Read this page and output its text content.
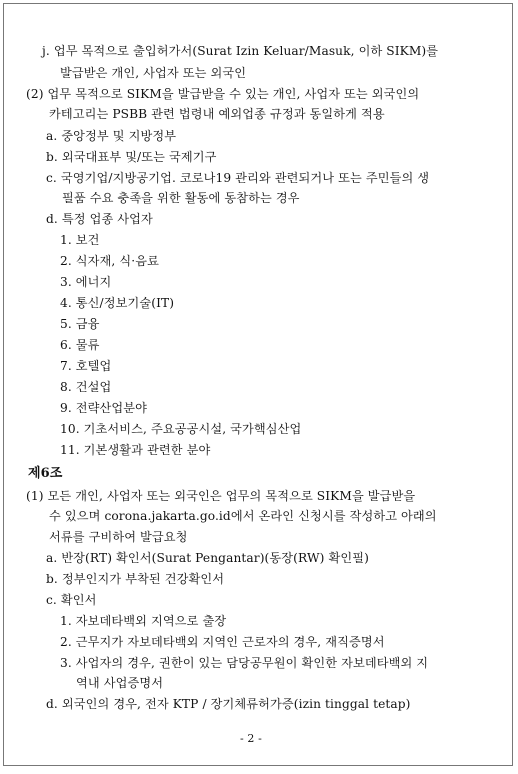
j. 업무 목적으로 출입허가서(Surat Izin Keluar/Masuk, 이하 SIKM)를
발급받은 개인, 사업자 또는 외국인
(2) 업무 목적으로 SIKM을 발급받을 수 있는 개인, 사업자 또는 외국인의
카테고리는 PSBB 관련 법령내 예외업종 규정과 동일하게 적용
a. 중앙정부 및 지방정부
b. 외국대표부 및/또는 국제기구
c. 국영기업/지방공기업. 코로나19 관리와 관련되거나 또는 주민들의 생
필품 수요 충족을 위한 활동에 동참하는 경우
d. 특정 업종 사업자
1. 보건
2. 식자재, 식·음료
3. 에너지
4. 통신/정보기술(IT)
5. 금융
6. 물류
7. 호텔업
8. 건설업
9. 전략산업분야
10. 기초서비스, 주요공공시설, 국가핵심산업
11. 기본생활과 관련한 분야
제6조
(1) 모든 개인, 사업자 또는 외국인은 업무의 목적으로 SIKM을 발급받을
수 있으며 corona.jakarta.go.id에서 온라인 신청시를 작성하고 아래의
서류를 구비하여 발급요청
a. 반장(RT) 확인서(Surat Pengantar)(동장(RW) 확인필)
b. 정부인지가 부착된 건강확인서
c. 확인서
1. 자보데타백외 지역으로 출장
2. 근무지가 자보데타백외 지역인 근로자의 경우, 재직증명서
3. 사업자의 경우, 권한이 있는 담당공무원이 확인한 자보데타백외 지
역내 사업증명서
d. 외국인의 경우, 전자 KTP / 장기체류허가증(izin tinggal tetap)
- 2 -
